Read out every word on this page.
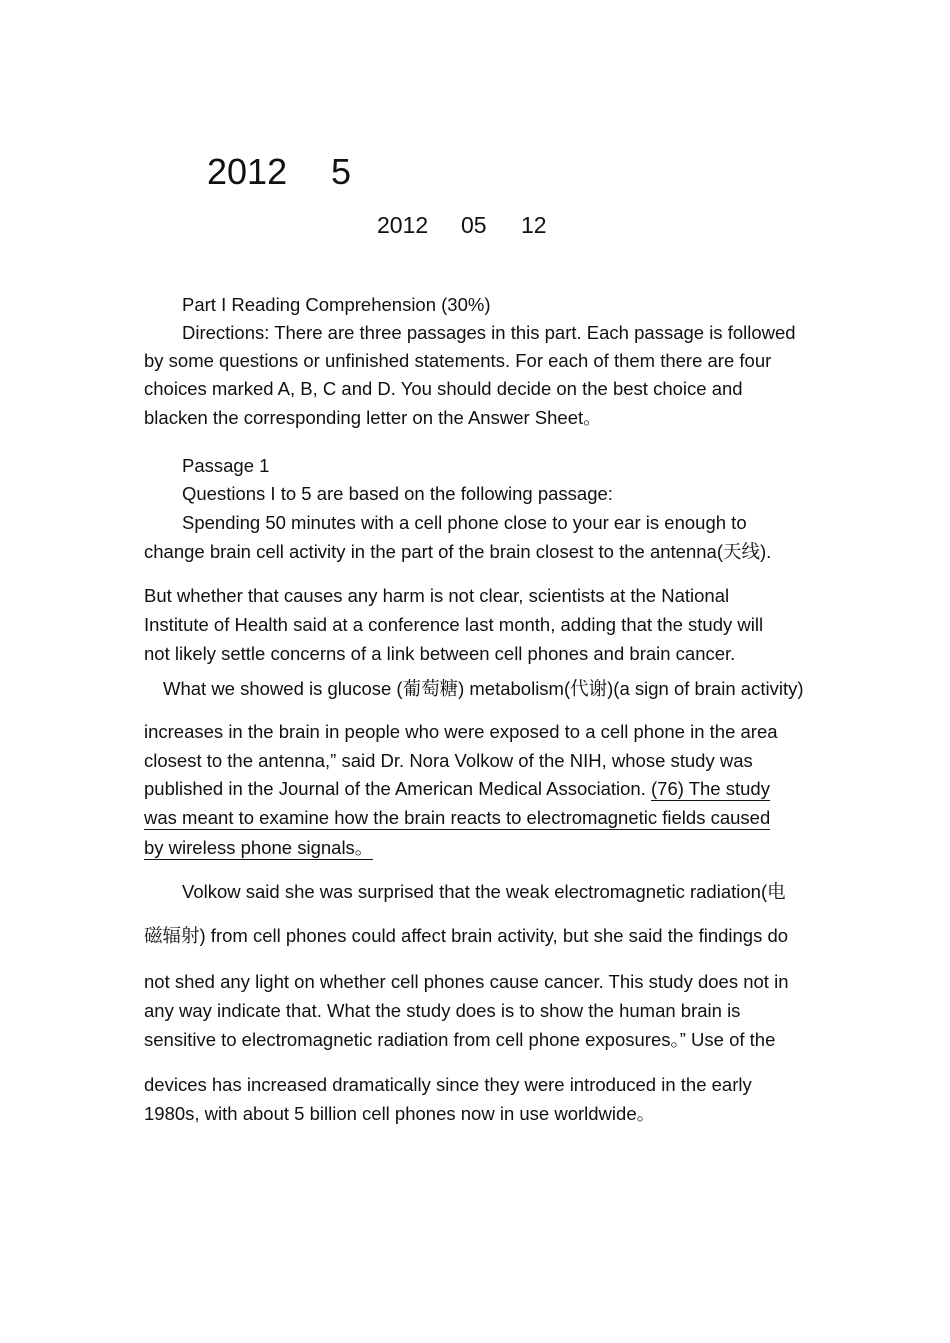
2012 5
2012 05 12
Part I Reading Comprehension (30%)
Directions: There are three passages in this part. Each passage is followed
by some questions or unfinished statements. For each of them there are four
choices marked A, B, C and D. You should decide on the best choice and
blacken the corresponding letter on the Answer Sheet。
Passage 1
Questions I to 5 are based on the following passage:
Spending 50 minutes with a cell phone close to your ear is enough to
change brain cell activity in the part of the brain closest to the antenna(天线).
But whether that causes any harm is not clear, scientists at the National
Institute of Health said at a conference last month, adding that the study will
not likely settle concerns of a link between cell phones and brain cancer.
What we showed is glucose (葡萄糖) metabolism(代谢)(a sign of brain activity)
increases in the brain in people who were exposed to a cell phone in the area
closest to the antenna,” said Dr. Nora Volkow of the NIH, whose study was
published in the Journal of the American Medical Association. (76) The study
was meant to examine how the brain reacts to electromagnetic fields caused
by wireless phone signals。
Volkow said she was surprised that the weak electromagnetic radiation(电
磁辐射) from cell phones could affect brain activity, but she said the findings do
not shed any light on whether cell phones cause cancer. This study does not in
any way indicate that. What the study does is to show the human brain is
sensitive to electromagnetic radiation from cell phone exposures。” Use of the
devices has increased dramatically since they were introduced in the early
1980s, with about 5 billion cell phones now in use worldwide。
